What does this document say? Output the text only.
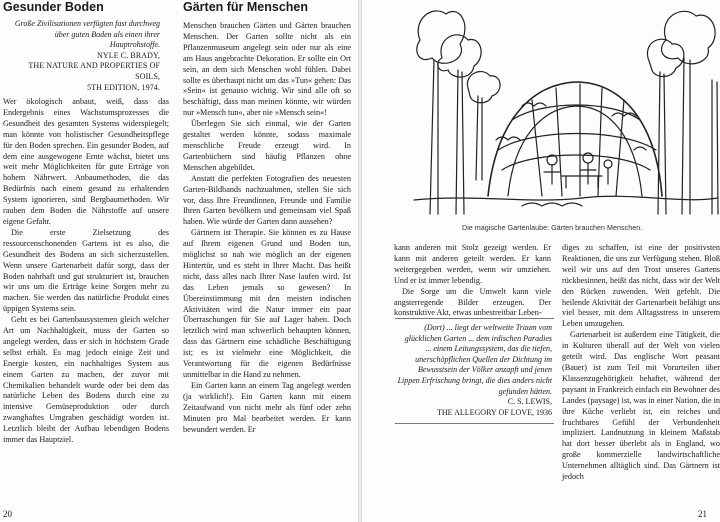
Gesunder Boden
Große Zivilisationen verfügten fast durchweg über guten Boden als einen ihrer Hauptrohstoffe.
NYLE C. BRADY,
THE NATURE AND PROPERTIES OF SOILS,
5TH EDITION, 1974.

Wer ökologisch anbaut, weiß, dass das Endergebnis eines Wachstumsprozesses die Gesundheit des gesamten Systems widerspiegelt; man könnte von holistischer Gesundheitspflege für den Boden sprechen. Ein gesunder Boden, auf dem eine ausgewogene Ernte wächst, bietet uns weit mehr Möglichkeiten für gute Erträge von hohem Nährwert. Anbaumethoden, die das Bedürfnis nach einem gesund zu erhaltenden System ignorieren, sind Bergbaumethoden. Wir rauben dem Boden die Nährstoffe auf unsere eigene Gefahr.

Die erste Zielsetzung des ressourcenschonenden Gartens ist es also, die Gesundheit des Bodens an sich sicherzustellen. Wenn unsere Gartenarbeit dafür sorgt, dass der Boden nahrhaft und gut strukturiert ist, brauchen wir uns um die Erträge keine Sorgen mehr zu machen. Sie werden das natürliche Produkt eines üppigen Systems sein.

Geht es bei Gartenbausystemen gleich welcher Art um Nachhaltigkeit, muss der Garten so angelegt werden, dass er sich in höchstem Grade selbst erhält. Es mag jedoch einige Zeit und Energie kosten, ein nachhaltiges System aus einem Garten zu machen, der zuvor mit Chemikalien behandelt wurde oder bei dem das natürliche Leben des Bodens durch eine zu intensive Gemüseproduktion oder durch zwanghaftes Umgraben geschädigt worden ist. Letztlich bleibt der Aufbau lebendigen Bodens immer das Hauptziel.

Gärten für Menschen

Menschen brauchen Gärten und Gärten brauchen Menschen. Der Garten sollte nicht als ein Pflanzenmuseum angelegt sein oder nur als eine am Haus angebrachte Dekoration. Er sollte ein Ort sein, an dem sich Menschen wohl fühlen. Dabei sollte es überhaupt nicht um das »Tun« gehen: Das »Sein« ist genauso wichtig. Wir sind alle oft so beschäftigt, dass man meinen könnte, wir würden nur »Mensch tun«, aber nie »Mensch sein«!

Überlegen Sie sich einmal, wie der Garten gestaltet werden könnte, sodass maximale menschliche Freude erzeugt wird. In Gartenbüchern sind häufig Pflanzen ohne Menschen abgebildet.

Anstatt die perfekten Fotografien des neuesten Garten-Bildbands nachzuahmen, stellen Sie sich vor, dass Ihre Freundinnen, Freunde und Familie Ihren Garten bevölkern und gemeinsam viel Spaß haben. Wie würde der Garten dann aussehen?

Gärtnern ist Therapie. Sie können es zu Hause auf Ihrem eigenen Grund und Boden tun, möglichst so nah wie möglich an der eigenen Hintertür, und es steht in Ihrer Macht. Das heißt nicht, dass alles nach Ihrer Nase laufen wird. Ist das Leben jemals so gewesen? In Übereinstimmung mit den meisten indischen Aktivitäten wird die Natur immer ein paar Überraschungen für Sie auf Lager haben. Doch letztlich wird man schwerlich behaupten können, dass das Gärtnern eine schädliche Beschäftigung ist; es ist vielmehr eine Möglichkeit, die Verantwortung für die eigenen Bedürfnisse unmittelbar in die Hand zu nehmen.

Ein Garten kann an einem Tag angelegt werden (ja wirklich!). Ein Garten kann mit einem Zeitaufwand von nicht mehr als fünf oder zehn Minuten pro Mal bearbeitet werden. Er kann bewundert werden. Er

20
Die magische Gartenlaube: Gärten brauchen Menschen.

kann anderen mit Stolz gezeigt werden. Er kann mit anderen geteilt werden. Er kann weitergegeben werden, wenn wir umziehen. Und er ist immer lebendig.

Die Sorge um die Umwelt kann viele angsterregende Bilder erzeugen. Der konstruktive Akt, etwas unbestreitbar Leben-

(Dort) ... liegt der weltweite Traum vom glücklichen Garten ... dem irdischen Paradies ... einem Leitungssystem, das die tiefen, unerschöpflichen Quellen der Dichtung im Bewusstsein der Völker anzapft und jenen Lippen Erfrischung bringt, die dies anders nicht gefunden hätten.
C. S. LEWIS,
THE ALLEGORY OF LOVE, 1936

diges zu schaffen, ist eine der positivsten Reaktionen, die uns zur Verfügung stehen. Bloß weil wir uns auf den Trost unseres Gartens rückbesinnen, heißt das nicht, dass wir der Welt den Rücken zuwenden. Weit gefehlt. Die heilende Aktivität der Gartenarbeit befähigt uns viel besser, mit dem Alltagsstress in unserem Leben umzugehen.

Gartenarbeit ist außerdem eine Tätigkeit, die in Kulturen überall auf der Welt von vielen geteilt wird. Das englische Wort peasant (Bauer) ist zum Teil mit Vorurteilen über Klassenzugehörigkeit behaftet, während der paysant in Frankreich einfach ein Bewohner des Landes (paysage) ist, was in einer Nation, die in ihre Küche verliebt ist, ein reiches und fruchtbares Gefühl der Verbundenheit impliziert. Landnutzung in kleinem Maßstab hat dort besser überlebt als in England, wo große kommerzielle landwirtschaftliche Unternehmen alltäglich sind. Das Gärtnern ist jedoch

21
